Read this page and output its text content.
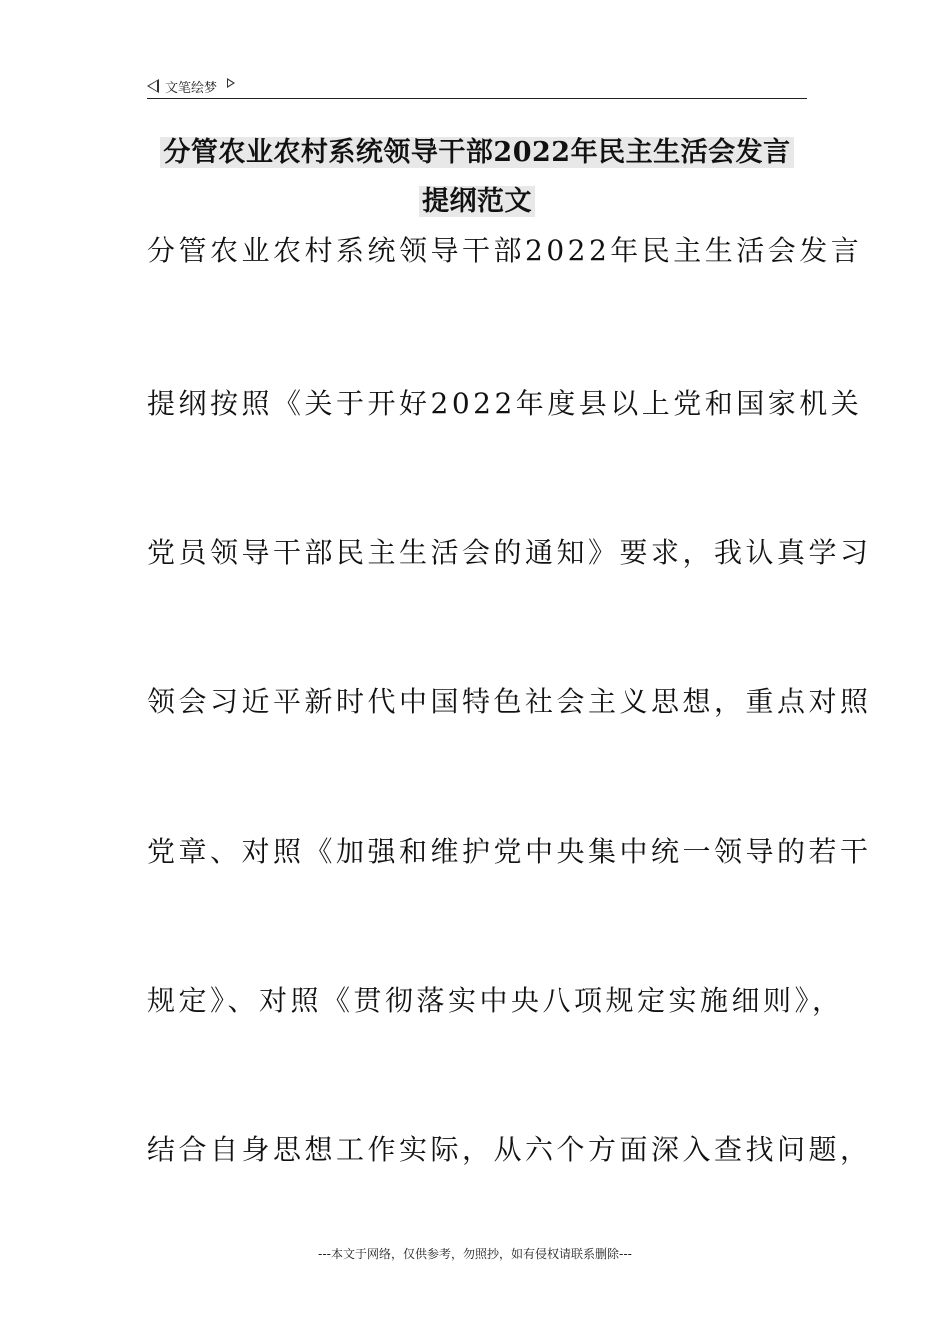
文笔绘梦
分管农业农村系统领导干部2022年民主生活会发言
提纲范文
分管农业农村系统领导干部2022年民主生活会发言
提纲按照《关于开好2022年度县以上党和国家机关
党员领导干部民主生活会的通知》要求，我认真学习
领会习近平新时代中国特色社会主义思想，重点对照
党章、对照《加强和维护党中央集中统一领导的若干
规定》、对照《贯彻落实中央八项规定实施细则》，
结合自身思想工作实际，从六个方面深入查找问题，
---本文于网络，仅供参考，勿照抄，如有侵权请联系删除---
